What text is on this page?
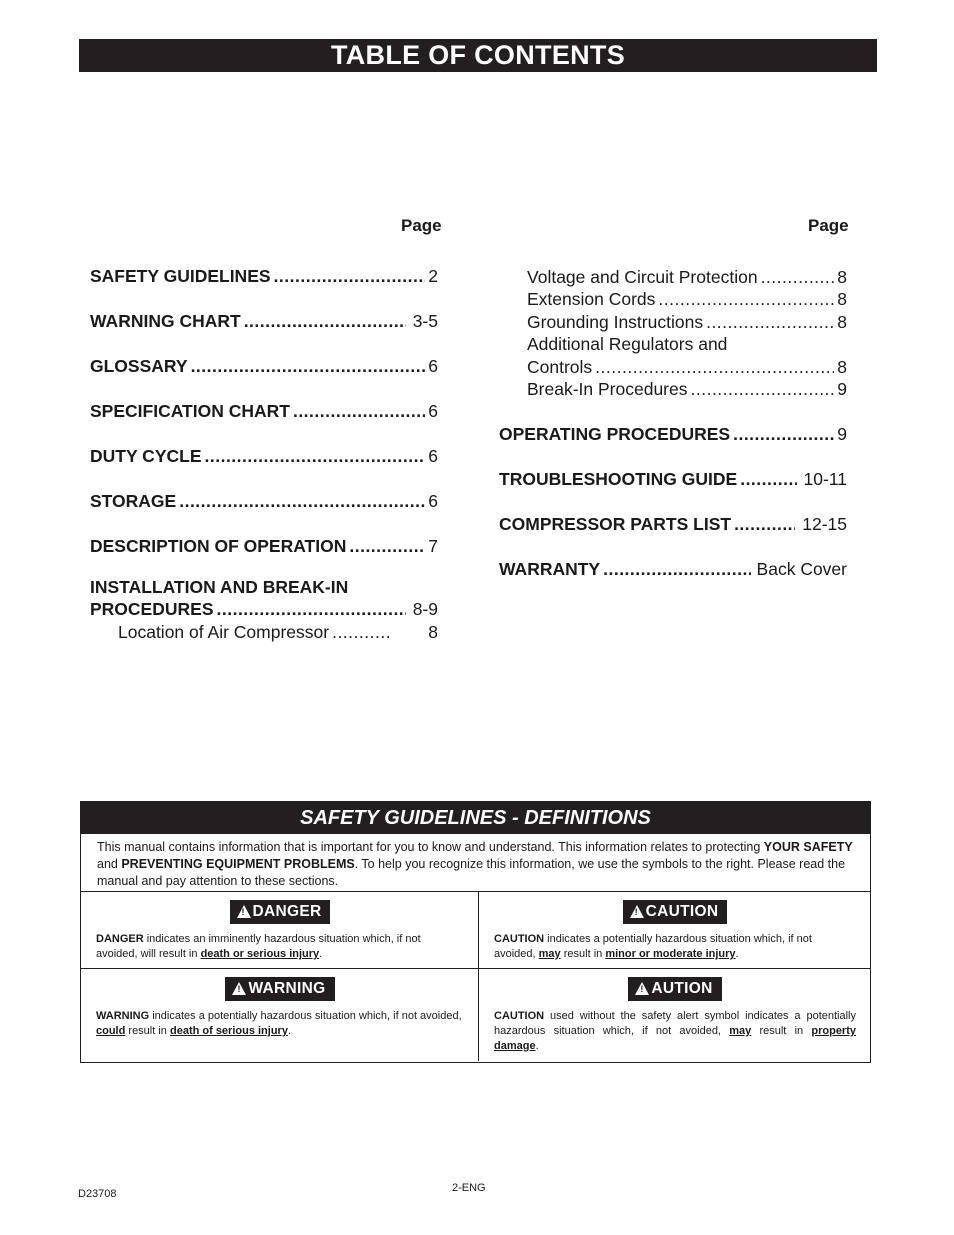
TABLE OF CONTENTS
Page	Page
SAFETY GUIDELINES .....	2
WARNING CHART .....	3-5
GLOSSARY .....	6
SPECIFICATION CHART .....	6
DUTY CYCLE .....	6
STORAGE .....	6
DESCRIPTION OF OPERATION .....	7
INSTALLATION AND BREAK-IN
PROCEDURES .....	8-9
Location of Air Compressor .....	8
Voltage and Circuit Protection .....	8
Extension Cords .....	8
Grounding Instructions .....	8
Additional Regulators and
Controls .....	8
Break-In Procedures .....	9
OPERATING PROCEDURES .....	9
TROUBLESHOOTING GUIDE .....	10-11
COMPRESSOR PARTS LIST .....	12-15
WARRANTY .....	Back Cover
SAFETY GUIDELINES - DEFINITIONS
This manual contains information that is important for you to know and understand. This information relates to protecting YOUR SAFETY and PREVENTING EQUIPMENT PROBLEMS. To help you recognize this information, we use the symbols to the right. Please read the manual and pay attention to these sections.
!DANGER
DANGER indicates an imminently hazardous situation which, if not avoided, will result in death or serious injury.
!CAUTION
CAUTION indicates a potentially hazardous situation which, if not avoided, may result in minor or moderate injury.
!WARNING
WARNING indicates a potentially hazardous situation which, if not avoided, could result in death of serious injury.
!AUTION
CAUTION used without the safety alert symbol indicates a potentially hazardous situation which, if not avoided, may result in property damage.
D23708	2-ENG
